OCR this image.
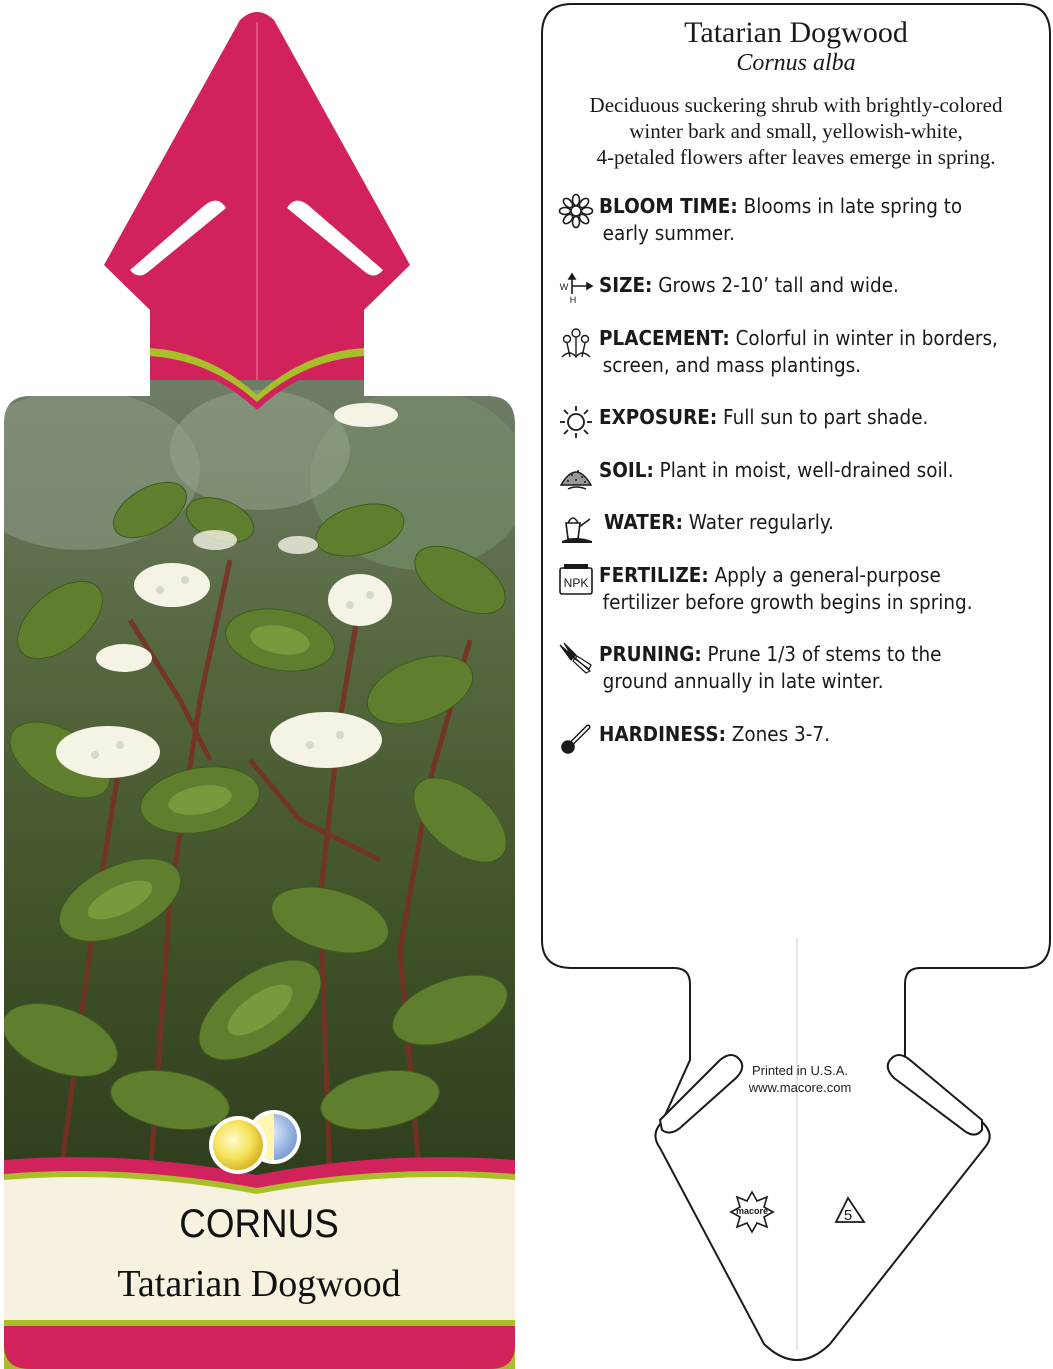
CORNUS
Tatarian Dogwood
macore	5
Tatarian Dogwood
Cornus alba
Deciduous suckering shrub with brightly-colored
winter bark and small, yellowish-white,
4-petaled flowers after leaves emerge in spring.
BLOOM TIME: Blooms in late spring to
early summer.
W
H
SIZE: Grows 2-10’ tall and wide.
PLACEMENT: Colorful in winter in borders,
screen, and mass plantings.
EXPOSURE: Full sun to part shade.
SOIL: Plant in moist, well-drained soil.
WATER: Water regularly.
NPK FERTILIZE: Apply a general-purpose
fertilizer before growth begins in spring.
PRUNING: Prune 1/3 of stems to the
ground annually in late winter.
HARDINESS: Zones 3-7.
Printed in U.S.A.
www.macore.com
